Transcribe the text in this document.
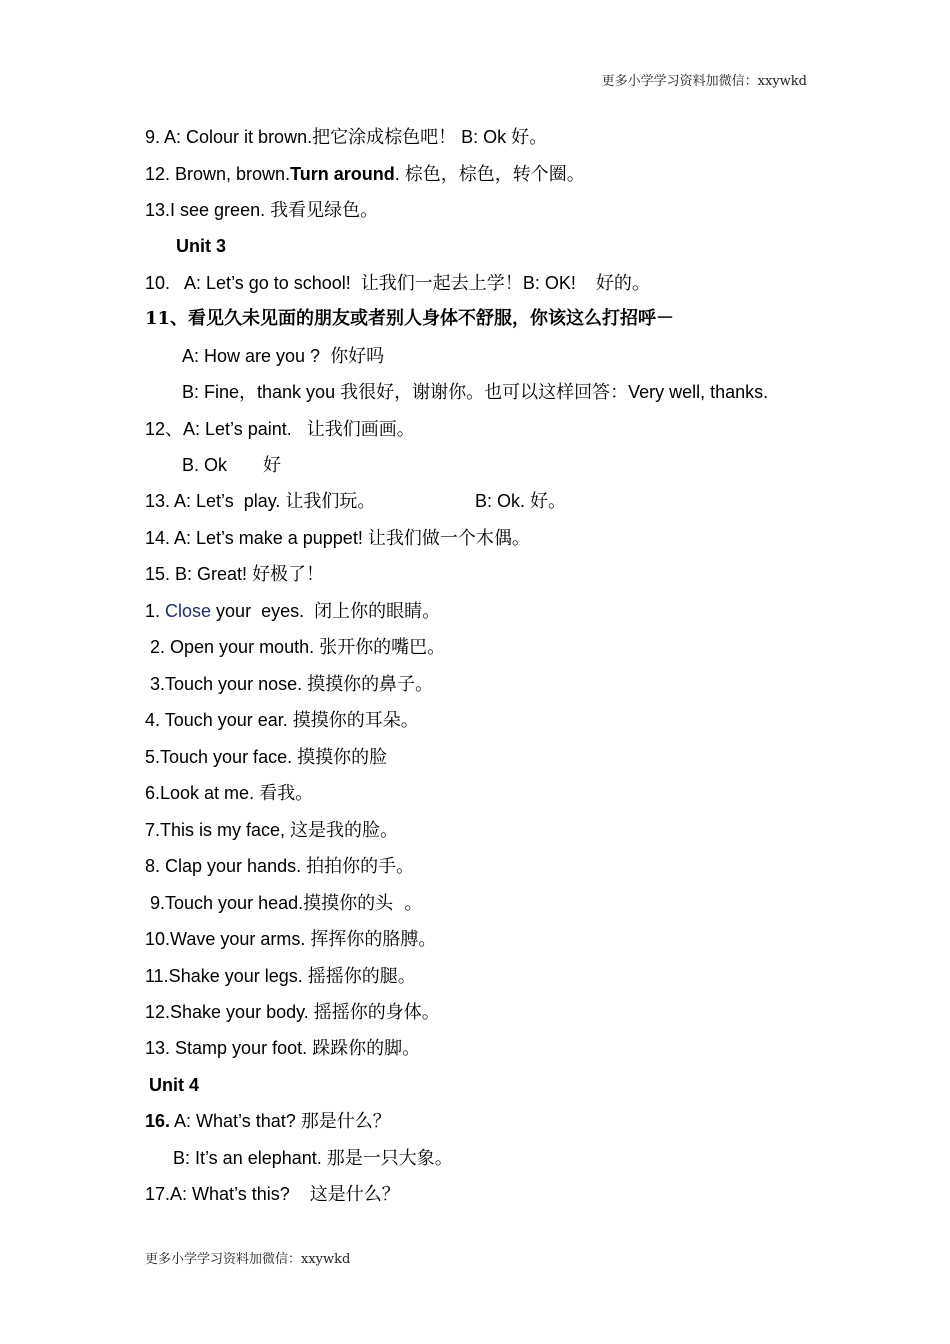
更多小学学习资料加微信：xxywkd
9. A: Colour it brown.把它涂成棕色吧！ B: Ok 好。
12. Brown, brown.Turn around. 棕色，棕色，转个圈。
13.I see green. 我看见绿色。
Unit 3
10.   A: Let’s go to school!  让我们一起去上学！B: OK!    好的。
11、看见久未见面的朋友或者别人身体不舒服，你该这么打招呼－
A: How are you ?  你好吗
B: Fine，thank you 我很好，谢谢你。也可以这样回答：Very well, thanks.
12、A: Let’s paint.   让我们画画。
B. Ok 好
13. A: Let’s  play. 让我们玩。	B: Ok. 好。
14. A: Let’s make a puppet! 让我们做一个木偶。
15. B: Great! 好极了！
1. Close your  eyes.  闭上你的眼睛。
2. Open your mouth. 张开你的嘴巴。
3.Touch your nose. 摸摸你的鼻子。
4. Touch your ear. 摸摸你的耳朵。
5.Touch your face. 摸摸你的脸
6.Look at me. 看我。
7.This is my face, 这是我的脸。
8. Clap your hands. 拍拍你的手。
9.Touch your head.摸摸你的头  。
10.Wave your arms. 挥挥你的胳膊。
11.Shake your legs. 摇摇你的腿。
12.Shake your body. 摇摇你的身体。
13. Stamp your foot. 跺跺你的脚。
Unit 4
16. A: What’s that? 那是什么？
B: It’s an elephant. 那是一只大象。
17.A: What’s this?    这是什么？
更多小学学习资料加微信：xxywkd
